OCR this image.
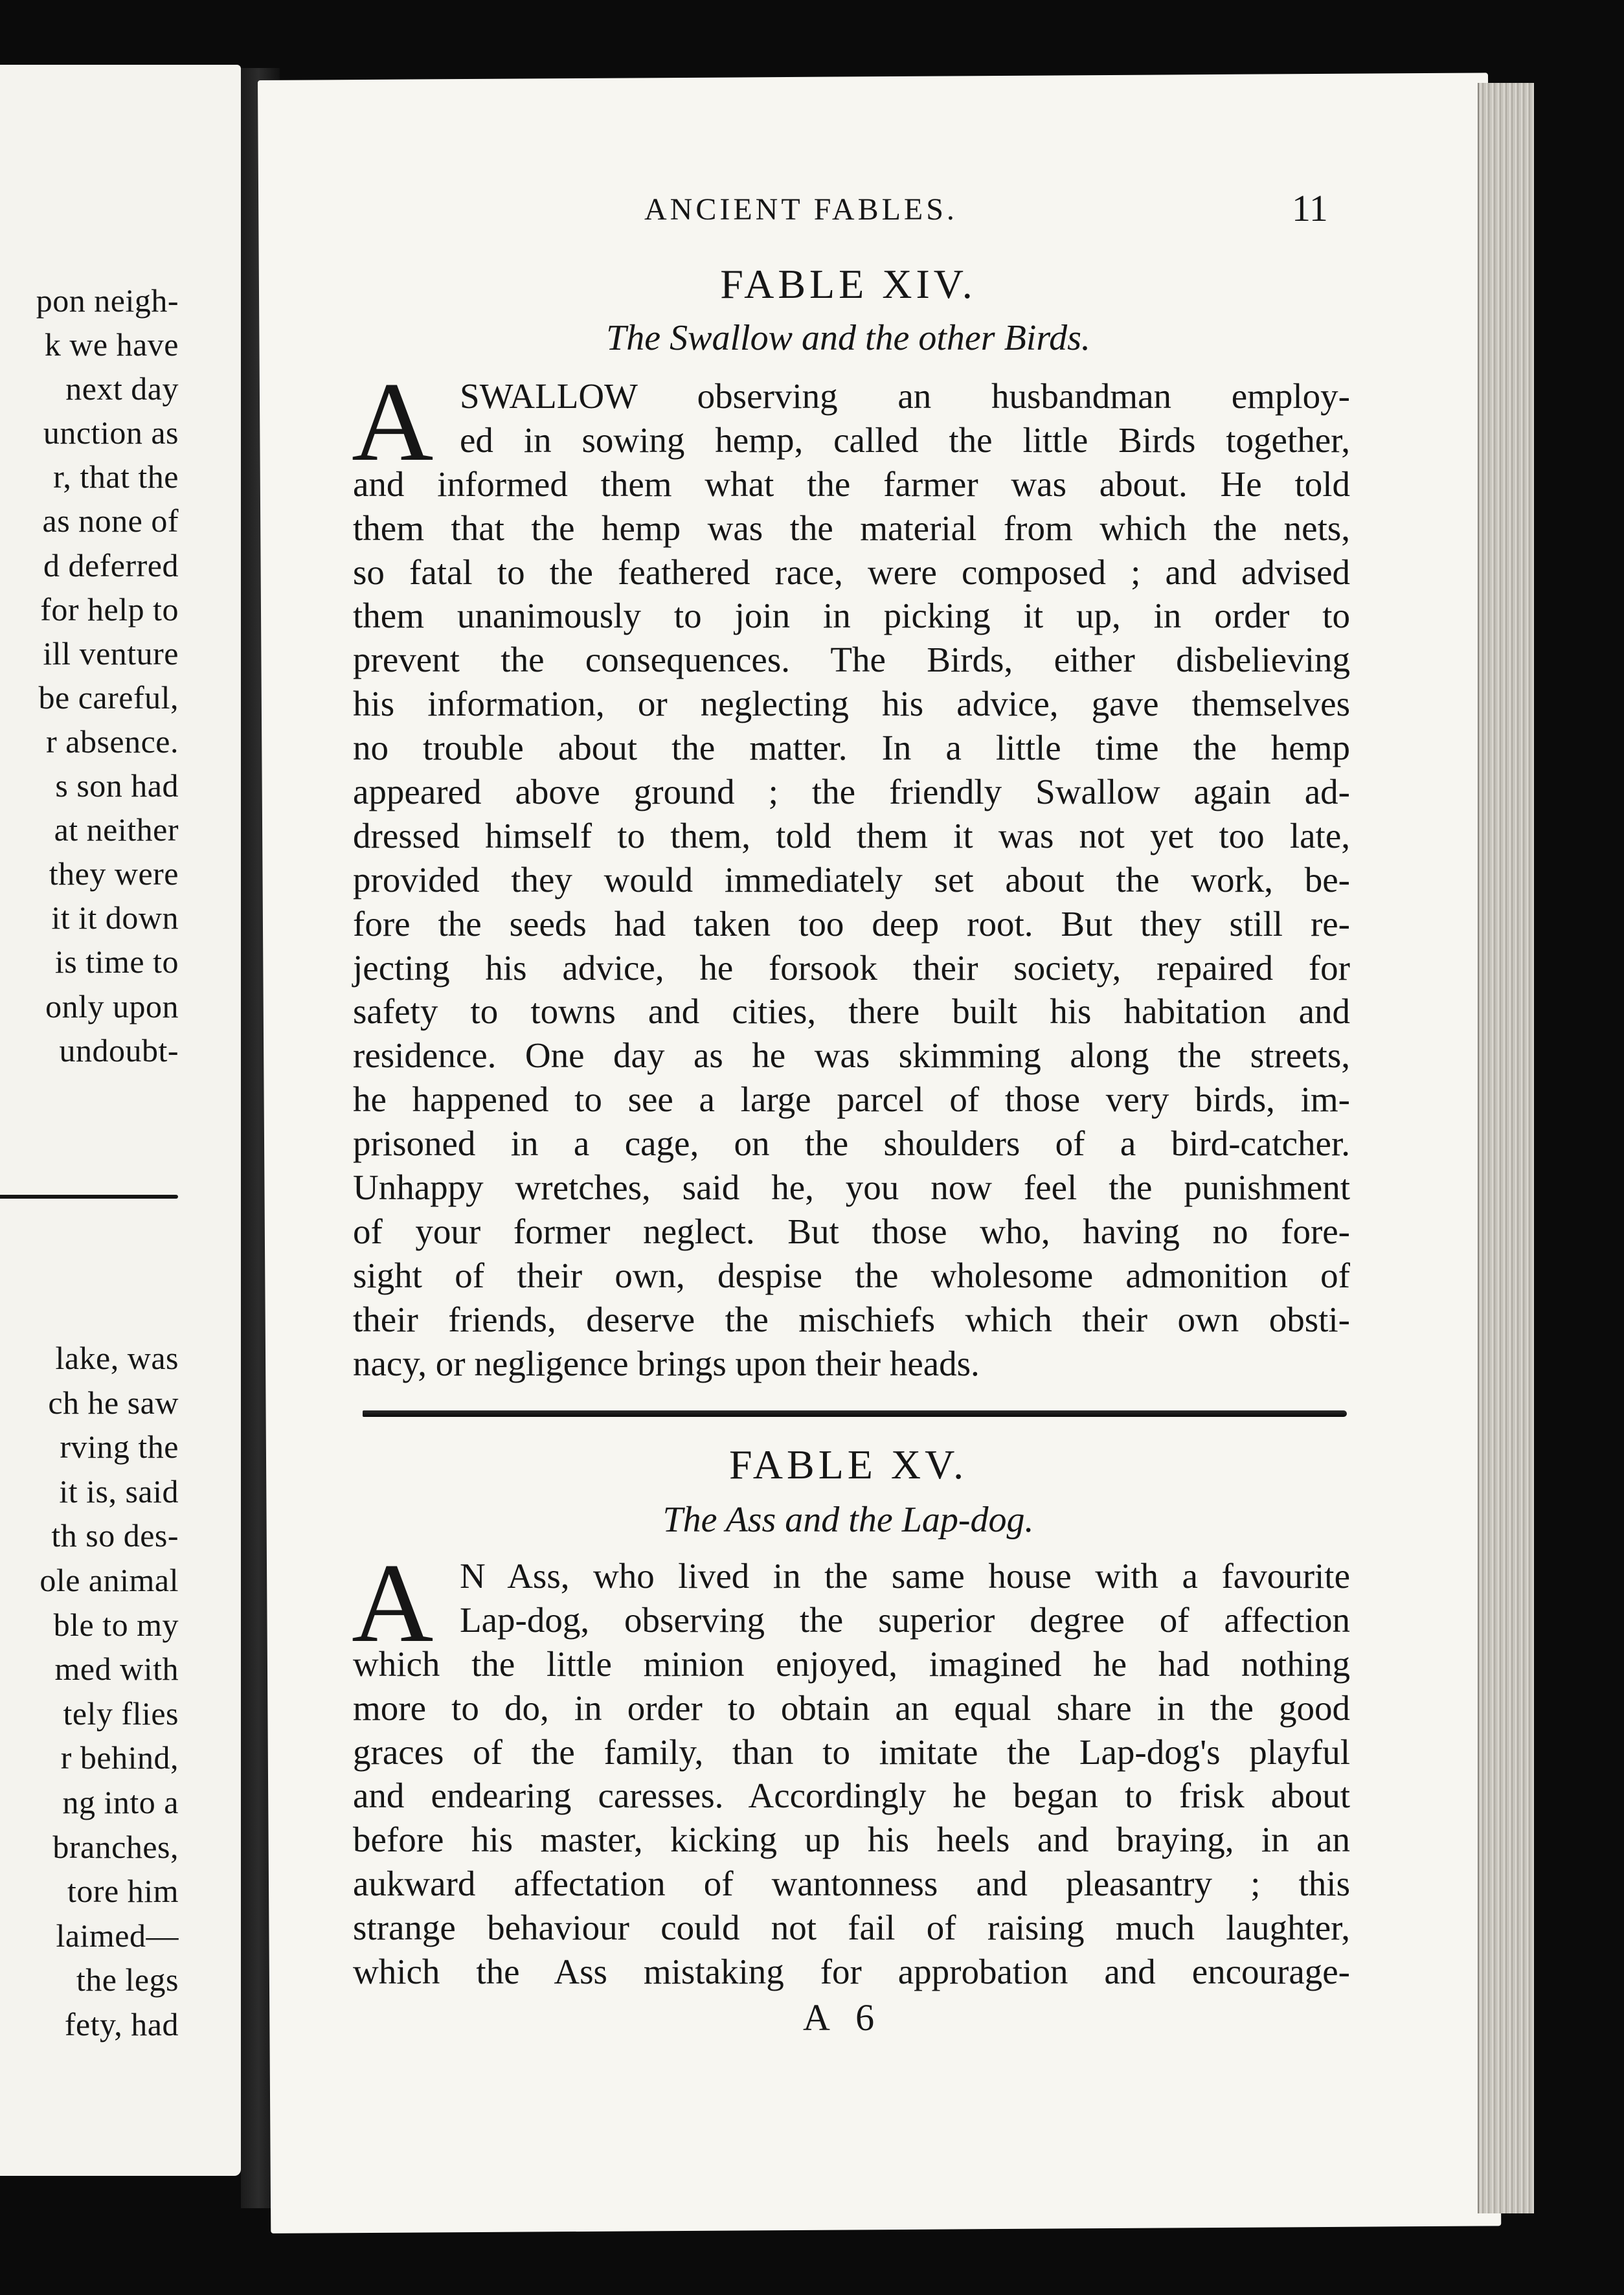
pon neigh-
k we have
next day
unction as
r, that the
as none of
d deferred
for help to
ill venture
be careful,
r absence.
s son had
at neither
they were
it it down
is time to
only upon
undoubt-
lake, was
ch he saw
rving the
it is, said
th so des-
ole animal
ble to my
med with
tely flies
r behind,
ng into a
branches,
tore him
laimed—
the legs
fety, had
ANCIENT FABLES.	11
FABLE XIV.
The Swallow and the other Birds.
A SWALLOW observing an husbandman employ-
ed in sowing hemp, called the little Birds together,
and informed them what the farmer was about. He told
them that the hemp was the material from which the nets,
so fatal to the feathered race, were composed ; and advised
them unanimously to join in picking it up, in order to
prevent the consequences. The Birds, either disbelieving
his information, or neglecting his advice, gave themselves
no trouble about the matter. In a little time the hemp
appeared above ground ; the friendly Swallow again ad-
dressed himself to them, told them it was not yet too late,
provided they would immediately set about the work, be-
fore the seeds had taken too deep root. But they still re-
jecting his advice, he forsook their society, repaired for
safety to towns and cities, there built his habitation and
residence. One day as he was skimming along the streets,
he happened to see a large parcel of those very birds, im-
prisoned in a cage, on the shoulders of a bird-catcher.
Unhappy wretches, said he, you now feel the punishment
of your former neglect. But those who, having no fore-
sight of their own, despise the wholesome admonition of
their friends, deserve the mischiefs which their own obsti-
nacy, or negligence brings upon their heads.
FABLE XV.
The Ass and the Lap-dog.
A N Ass, who lived in the same house with a favourite
Lap-dog, observing the superior degree of affection
which the little minion enjoyed, imagined he had nothing
more to do, in order to obtain an equal share in the good
graces of the family, than to imitate the Lap-dog's playful
and endearing caresses. Accordingly he began to frisk about
before his master, kicking up his heels and braying, in an
aukward affectation of wantonness and pleasantry ; this
strange behaviour could not fail of raising much laughter,
which the Ass mistaking for approbation and encourage-
A 6
